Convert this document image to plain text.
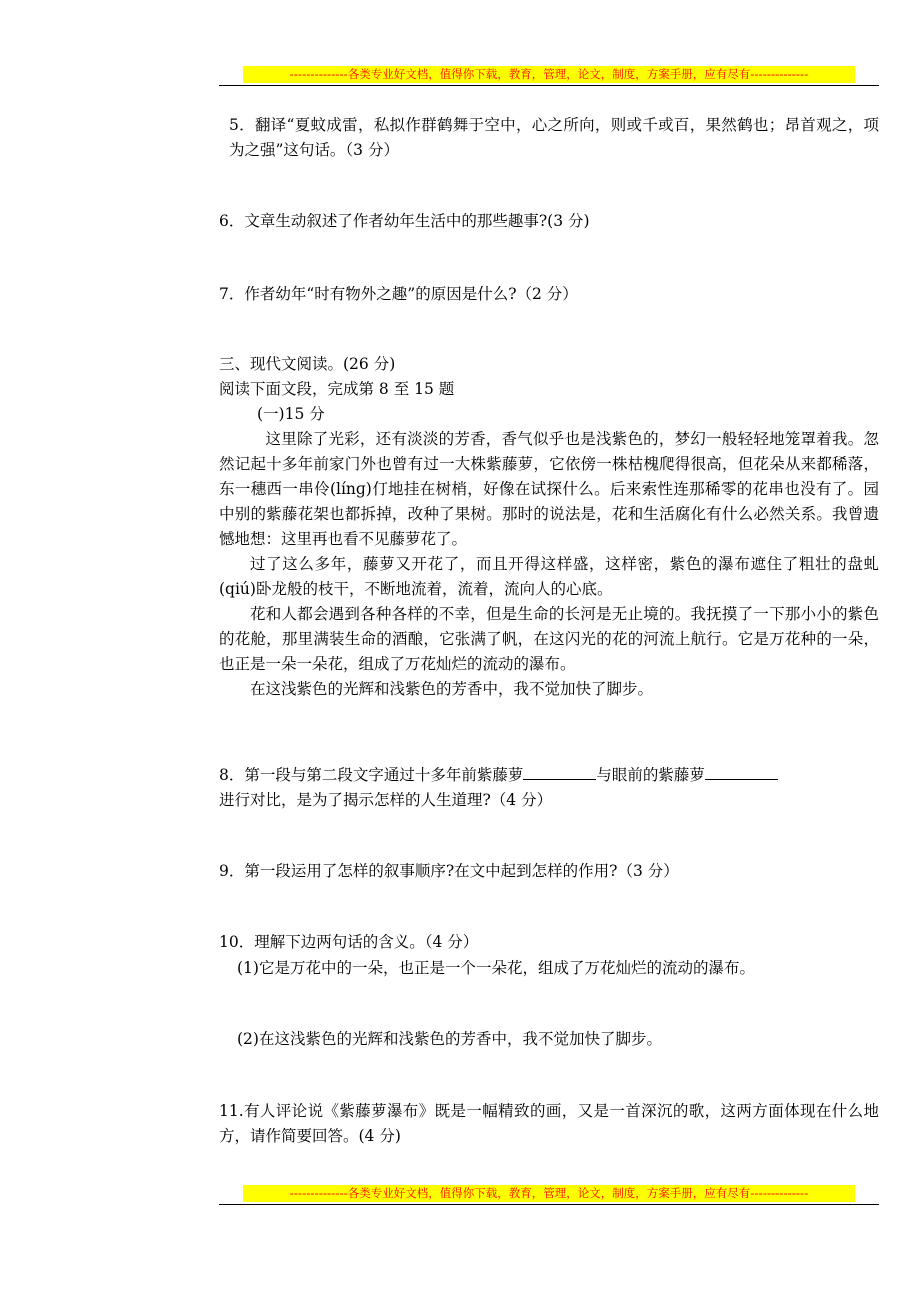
--------------各类专业好文档，值得你下载，教育，管理，论文，制度，方案手册，应有尽有--------------
5．翻译“夏蚊成雷，私拟作群鹤舞于空中，心之所向，则或千或百，果然鹤也；昂首观之，项为之强”这句话。（3 分）
6．文章生动叙述了作者幼年生活中的那些趣事?(3 分)
7．作者幼年“时有物外之趣”的原因是什么?（2 分）

三、现代文阅读。(26 分)

阅读下面文段，完成第 8 至 15 题

(一)15 分

这里除了光彩，还有淡淡的芳香，香气似乎也是浅紫色的，梦幻一般轻轻地笼罩着我。忽然记起十多年前家门外也曾有过一大株紫藤萝，它依傍一株枯槐爬得很高，但花朵从来都稀落，东一穗西一串伶(línɡ)仃地挂在树梢，好像在试探什么。后来索性连那稀零的花串也没有了。园中别的紫藤花架也都拆掉，改种了果树。那时的说法是，花和生活腐化有什么必然关系。我曾遗憾地想：这里再也看不见藤萝花了。

过了这么多年，藤萝又开花了，而且开得这样盛，这样密，紫色的瀑布遮住了粗壮的盘虬(qiú)卧龙般的枝干，不断地流着，流着，流向人的心底。

花和人都会遇到各种各样的不幸，但是生命的长河是无止境的。我抚摸了一下那小小的紫色的花舱，那里满装生命的酒酿，它张满了帆，在这闪光的花的河流上航行。它是万花种的一朵，也正是一朵一朵花，组成了万花灿烂的流动的瀑布。

在这浅紫色的光辉和浅紫色的芳香中，我不觉加快了脚步。

8．第一段与第二段文字通过十多年前紫藤萝	与眼前的紫藤萝
进行对比，是为了揭示怎样的人生道理?（4 分）
9．第一段运用了怎样的叙事顺序?在文中起到怎样的作用?（3 分）
10．理解下边两句话的含义。（4 分）
(1)它是万花中的一朵，也正是一个一朵花，组成了万花灿烂的流动的瀑布。
(2)在这浅紫色的光辉和浅紫色的芳香中，我不觉加快了脚步。
11.有人评论说《紫藤萝瀑布》既是一幅精致的画，又是一首深沉的歌，这两方面体现在什么地方，请作简要回答。(4 分)
--------------各类专业好文档，值得你下载，教育，管理，论文，制度，方案手册，应有尽有--------------
